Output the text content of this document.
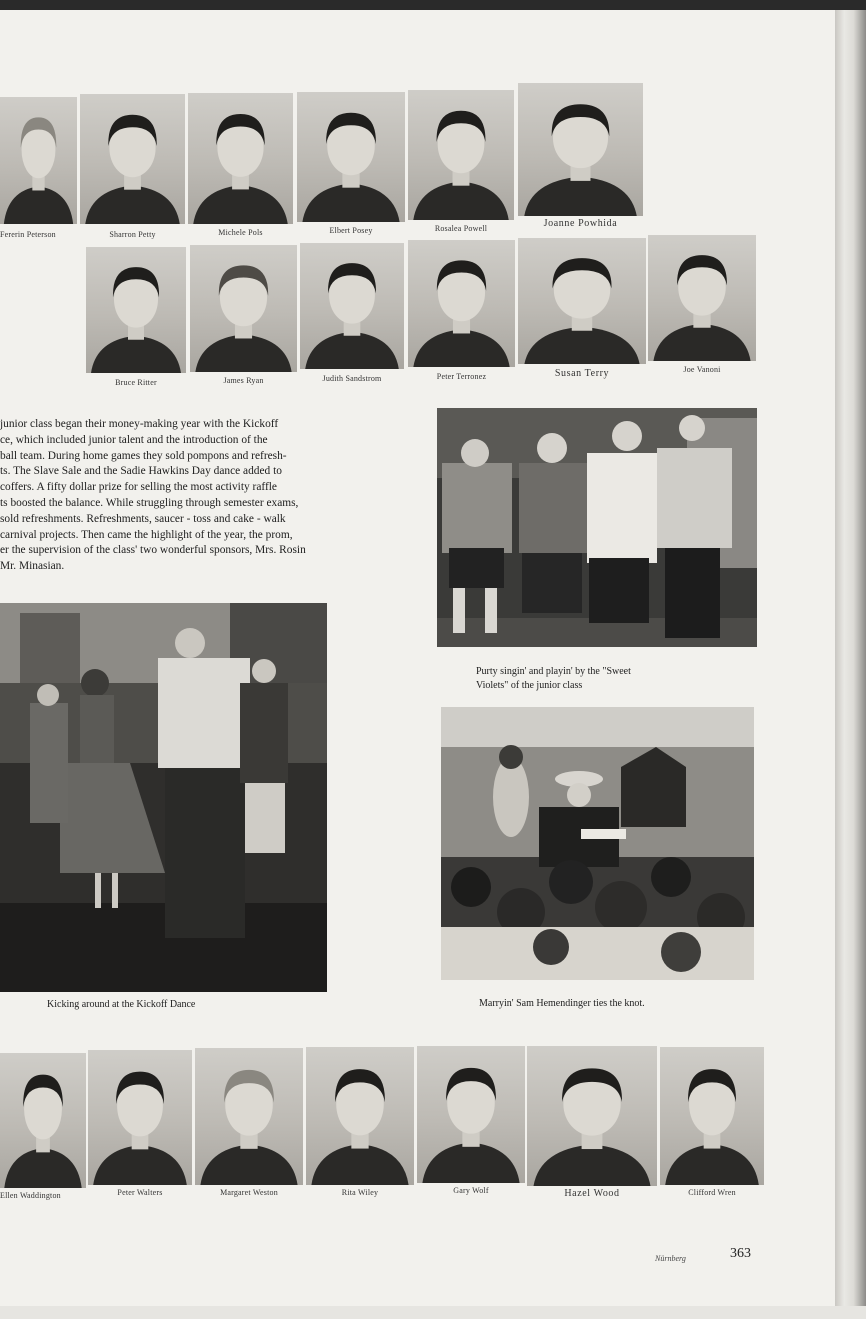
Fererin Peterson	Sharron Petty	Michele Pols	Elbert Posey	Rosalea Powell	Joanne Powhida
Bruce Ritter	James Ryan	Judith Sandstrom	Peter Terronez	Susan Terry	Joe Vanoni
junior class began their money-making year with the Kickoff
ce, which included junior talent and the introduction of the
ball team. During home games they sold pompons and refresh-
ts. The Slave Sale and the Sadie Hawkins Day dance added to
coffers. A fifty dollar prize for selling the most activity raffle
ts boosted the balance. While struggling through semester exams,
sold refreshments. Refreshments, saucer - toss and cake - walk
carnival projects. Then came the highlight of the year, the prom,
er the supervision of the class' two wonderful sponsors, Mrs. Rosin
Mr. Minasian.
Purty singin' and playin' by the "Sweet
Violets" of the junior class
Kicking around at the Kickoff Dance	Marryin' Sam Hemendinger ties the knot.
Ellen Waddington	Peter Walters	Margaret Weston	Rita Wiley	Gary Wolf	Hazel Wood	Clifford Wren
Nürnberg	363
